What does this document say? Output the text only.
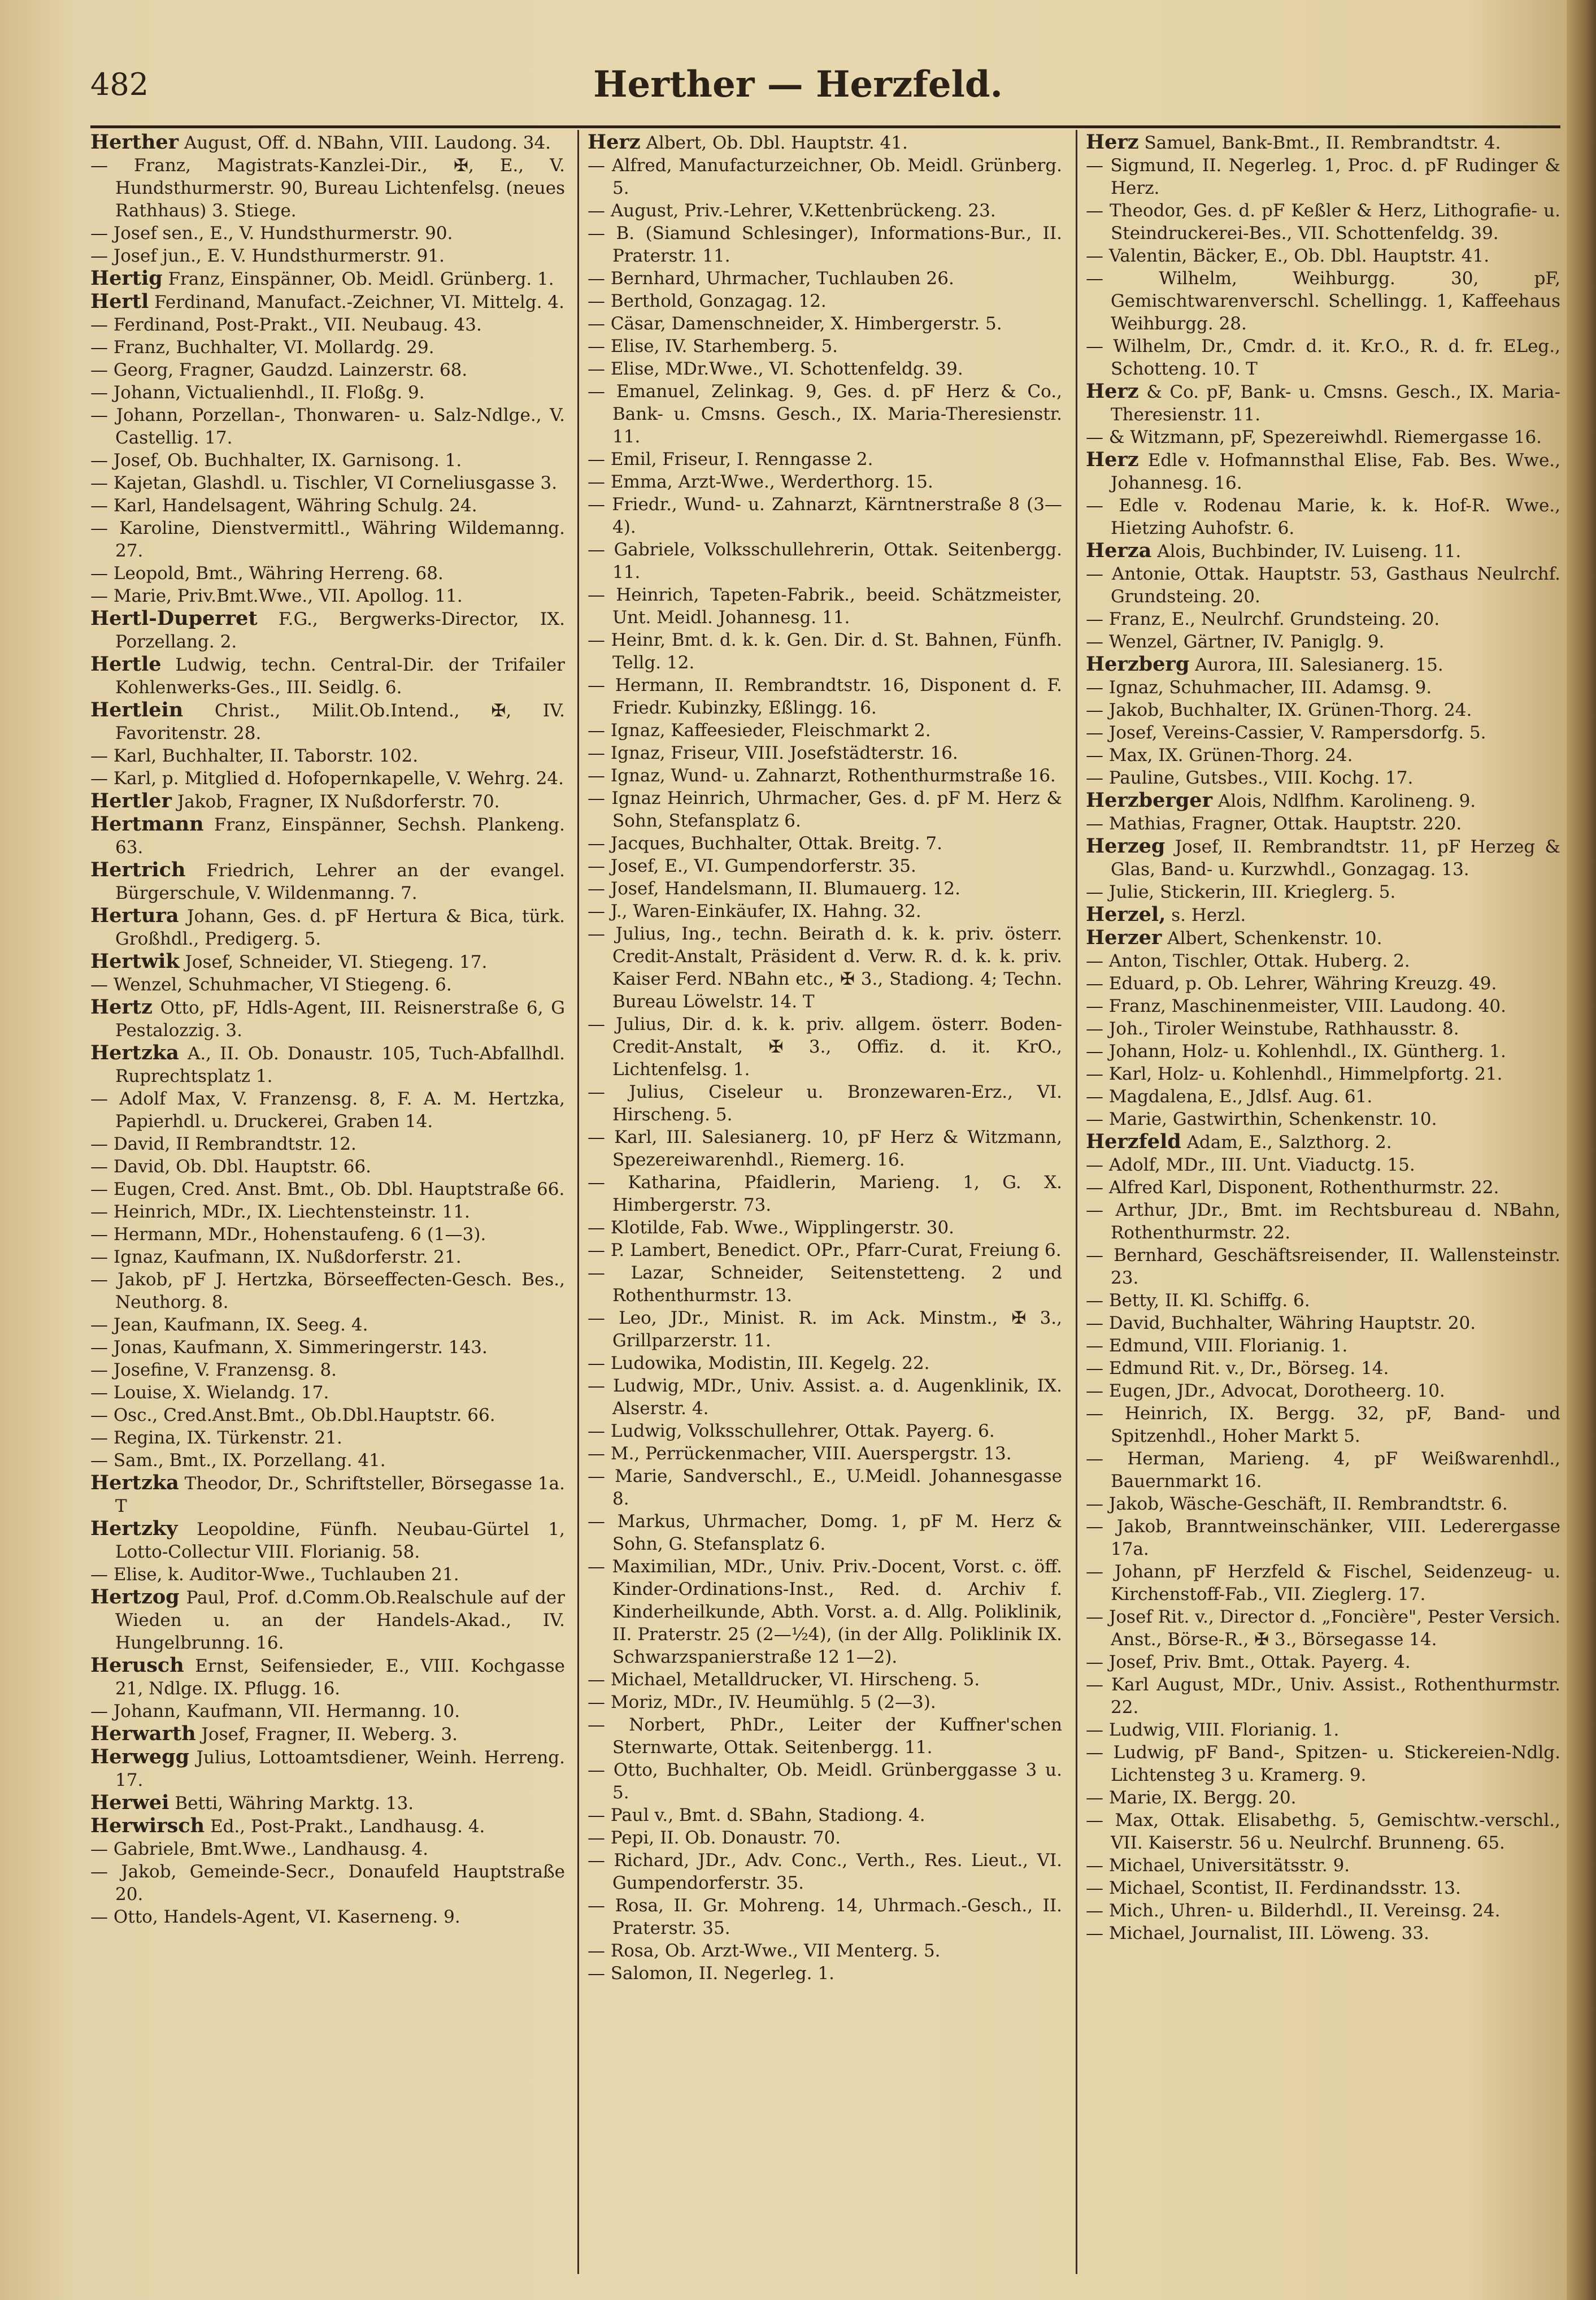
482	Herther — Herzfeld.

Herther August, Off. d. NBahn, VIII. Laudong. 34.

— Franz, Magistrats-Kanzlei-Dir., ✠, E., V. Hundsthurmerstr. 90, Bureau Lichtenfelsg. (neues Rathhaus) 3. Stiege.

— Josef sen., E., V. Hundsthurmerstr. 90.

— Josef jun., E. V. Hundsthurmerstr. 91.

Hertig Franz, Einspänner, Ob. Meidl. Grünberg. 1.

Hertl Ferdinand, Manufact.-Zeichner, VI. Mittelg. 4.

— Ferdinand, Post-Prakt., VII. Neubaug. 43.

— Franz, Buchhalter, VI. Mollardg. 29.

— Georg, Fragner, Gaudzd. Lainzerstr. 68.

— Johann, Victualienhdl., II. Floßg. 9.

— Johann, Porzellan-, Thonwaren- u. Salz-Ndlge., V. Castellig. 17.

— Josef, Ob. Buchhalter, IX. Garnisong. 1.

— Kajetan, Glashdl. u. Tischler, VI Corneliusgasse 3.

— Karl, Handelsagent, Währing Schulg. 24.

— Karoline, Dienstvermittl., Währing Wildemanng. 27.

— Leopold, Bmt., Währing Herreng. 68.

— Marie, Priv.Bmt.Wwe., VII. Apollog. 11.

Hertl-Duperret F.G., Bergwerks-Director, IX. Porzellang. 2.

Hertle Ludwig, techn. Central-Dir. der Trifailer Kohlenwerks-Ges., III. Seidlg. 6.

Hertlein Christ., Milit.Ob.Intend., ✠, IV. Favoritenstr. 28.

— Karl, Buchhalter, II. Taborstr. 102.

— Karl, p. Mitglied d. Hofopernkapelle, V. Wehrg. 24.

Hertler Jakob, Fragner, IX Nußdorferstr. 70.

Hertmann Franz, Einspänner, Sechsh. Plankeng. 63.

Hertrich Friedrich, Lehrer an der evangel. Bürgerschule, V. Wildenmanng. 7.

Hertura Johann, Ges. d. pF Hertura & Bica, türk. Großhdl., Predigerg. 5.

Hertwik Josef, Schneider, VI. Stiegeng. 17.

— Wenzel, Schuhmacher, VI Stiegeng. 6.

Hertz Otto, pF, Hdls-Agent, III. Reisnerstraße 6, G Pestalozzig. 3.

Hertzka A., II. Ob. Donaustr. 105, Tuch-Abfallhdl. Ruprechtsplatz 1.

— Adolf Max, V. Franzensg. 8, F. A. M. Hertzka, Papierhdl. u. Druckerei, Graben 14.

— David, II Rembrandtstr. 12.

— David, Ob. Dbl. Hauptstr. 66.

— Eugen, Cred. Anst. Bmt., Ob. Dbl. Hauptstraße 66.

— Heinrich, MDr., IX. Liechtensteinstr. 11.

— Hermann, MDr., Hohenstaufeng. 6 (1—3).

— Ignaz, Kaufmann, IX. Nußdorferstr. 21.

— Jakob, pF J. Hertzka, Börseeffecten-Gesch. Bes., Neuthorg. 8.

— Jean, Kaufmann, IX. Seeg. 4.

— Jonas, Kaufmann, X. Simmeringerstr. 143.

— Josefine, V. Franzensg. 8.

— Louise, X. Wielandg. 17.

— Osc., Cred.Anst.Bmt., Ob.Dbl.Hauptstr. 66.

— Regina, IX. Türkenstr. 21.

— Sam., Bmt., IX. Porzellang. 41.

Hertzka Theodor, Dr., Schriftsteller, Börsegasse 1a. T

Hertzky Leopoldine, Fünfh. Neubau-Gürtel 1, Lotto-Collectur VIII. Florianig. 58.

— Elise, k. Auditor-Wwe., Tuchlauben 21.

Hertzog Paul, Prof. d.Comm.Ob.Realschule auf der Wieden u. an der Handels-Akad., IV. Hungelbrunng. 16.

Herusch Ernst, Seifensieder, E., VIII. Kochgasse 21, Ndlge. IX. Pflugg. 16.

— Johann, Kaufmann, VII. Hermanng. 10.

Herwarth Josef, Fragner, II. Weberg. 3.

Herwegg Julius, Lottoamtsdiener, Weinh. Herreng. 17.

Herwei Betti, Währing Marktg. 13.

Herwirsch Ed., Post-Prakt., Landhausg. 4.

— Gabriele, Bmt.Wwe., Landhausg. 4.

— Jakob, Gemeinde-Secr., Donaufeld Hauptstraße 20.

— Otto, Handels-Agent, VI. Kaserneng. 9.

Herz Albert, Ob. Dbl. Hauptstr. 41.

— Alfred, Manufacturzeichner, Ob. Meidl. Grünberg. 5.

— August, Priv.-Lehrer, V.Kettenbrückeng. 23.

— B. (Siamund Schlesinger), Informations-Bur., II. Praterstr. 11.

— Bernhard, Uhrmacher, Tuchlauben 26.

— Berthold, Gonzagag. 12.

— Cäsar, Damenschneider, X. Himbergerstr. 5.

— Elise, IV. Starhemberg. 5.

— Elise, MDr.Wwe., VI. Schottenfeldg. 39.

— Emanuel, Zelinkag. 9, Ges. d. pF Herz & Co., Bank- u. Cmsns. Gesch., IX. Maria-Theresienstr. 11.

— Emil, Friseur, I. Renngasse 2.

— Emma, Arzt-Wwe., Werderthorg. 15.

— Friedr., Wund- u. Zahnarzt, Kärntnerstraße 8 (3—4).

— Gabriele, Volksschullehrerin, Ottak. Seitenbergg. 11.

— Heinrich, Tapeten-Fabrik., beeid. Schätzmeister, Unt. Meidl. Johannesg. 11.

— Heinr, Bmt. d. k. k. Gen. Dir. d. St. Bahnen, Fünfh. Tellg. 12.

— Hermann, II. Rembrandtstr. 16, Disponent d. F. Friedr. Kubinzky, Eßlingg. 16.

— Ignaz, Kaffeesieder, Fleischmarkt 2.

— Ignaz, Friseur, VIII. Josefstädterstr. 16.

— Ignaz, Wund- u. Zahnarzt, Rothenthurmstraße 16.

— Ignaz Heinrich, Uhrmacher, Ges. d. pF M. Herz & Sohn, Stefansplatz 6.

— Jacques, Buchhalter, Ottak. Breitg. 7.

— Josef, E., VI. Gumpendorferstr. 35.

— Josef, Handelsmann, II. Blumauerg. 12.

— J., Waren-Einkäufer, IX. Hahng. 32.

— Julius, Ing., techn. Beirath d. k. k. priv. österr. Credit-Anstalt, Präsident d. Verw. R. d. k. k. priv. Kaiser Ferd. NBahn etc., ✠ 3., Stadiong. 4; Techn. Bureau Löwelstr. 14. T

— Julius, Dir. d. k. k. priv. allgem. österr. Boden-Credit-Anstalt, ✠ 3., Offiz. d. it. KrO., Lichtenfelsg. 1.

— Julius, Ciseleur u. Bronzewaren-Erz., VI. Hirscheng. 5.

— Karl, III. Salesianerg. 10, pF Herz & Witzmann, Spezereiwarenhdl., Riemerg. 16.

— Katharina, Pfaidlerin, Marieng. 1, G. X. Himbergerstr. 73.

— Klotilde, Fab. Wwe., Wipplingerstr. 30.

— P. Lambert, Benedict. OPr., Pfarr-Curat, Freiung 6.

— Lazar, Schneider, Seitenstetteng. 2 und Rothenthurmstr. 13.

— Leo, JDr., Minist. R. im Ack. Minstm., ✠ 3., Grillparzerstr. 11.

— Ludowika, Modistin, III. Kegelg. 22.

— Ludwig, MDr., Univ. Assist. a. d. Augenklinik, IX. Alserstr. 4.

— Ludwig, Volksschullehrer, Ottak. Payerg. 6.

— M., Perrückenmacher, VIII. Auerspergstr. 13.

— Marie, Sandverschl., E., U.Meidl. Johannesgasse 8.

— Markus, Uhrmacher, Domg. 1, pF M. Herz & Sohn, G. Stefansplatz 6.

— Maximilian, MDr., Univ. Priv.-Docent, Vorst. c. öff. Kinder-Ordinations-Inst., Red. d. Archiv f. Kinderheilkunde, Abth. Vorst. a. d. Allg. Poliklinik, II. Praterstr. 25 (2—½4), (in der Allg. Poliklinik IX. Schwarzspanierstraße 12 1—2).

— Michael, Metalldrucker, VI. Hirscheng. 5.

— Moriz, MDr., IV. Heumühlg. 5 (2—3).

— Norbert, PhDr., Leiter der Kuffner'schen Sternwarte, Ottak. Seitenbergg. 11.

— Otto, Buchhalter, Ob. Meidl. Grünberggasse 3 u. 5.

— Paul v., Bmt. d. SBahn, Stadiong. 4.

— Pepi, II. Ob. Donaustr. 70.

— Richard, JDr., Adv. Conc., Verth., Res. Lieut., VI. Gumpendorferstr. 35.

— Rosa, II. Gr. Mohreng. 14, Uhrmach.-Gesch., II. Praterstr. 35.

— Rosa, Ob. Arzt-Wwe., VII Menterg. 5.

— Salomon, II. Negerleg. 1.

Herz Samuel, Bank-Bmt., II. Rembrandtstr. 4.

— Sigmund, II. Negerleg. 1, Proc. d. pF Rudinger & Herz.

— Theodor, Ges. d. pF Keßler & Herz, Lithografie- u. Steindruckerei-Bes., VII. Schottenfeldg. 39.

— Valentin, Bäcker, E., Ob. Dbl. Hauptstr. 41.

— Wilhelm, Weihburgg. 30, pF, Gemischtwarenverschl. Schellingg. 1, Kaffeehaus Weihburgg. 28.

— Wilhelm, Dr., Cmdr. d. it. Kr.O., R. d. fr. ELeg., Schotteng. 10. T

Herz & Co. pF, Bank- u. Cmsns. Gesch., IX. Maria-Theresienstr. 11.

— & Witzmann, pF, Spezereiwhdl. Riemergasse 16.

Herz Edle v. Hofmannsthal Elise, Fab. Bes. Wwe., Johannesg. 16.

— Edle v. Rodenau Marie, k. k. Hof-R. Wwe., Hietzing Auhofstr. 6.

Herza Alois, Buchbinder, IV. Luiseng. 11.

— Antonie, Ottak. Hauptstr. 53, Gasthaus Neulrchf. Grundsteing. 20.

— Franz, E., Neulrchf. Grundsteing. 20.

— Wenzel, Gärtner, IV. Paniglg. 9.

Herzberg Aurora, III. Salesianerg. 15.

— Ignaz, Schuhmacher, III. Adamsg. 9.

— Jakob, Buchhalter, IX. Grünen-Thorg. 24.

— Josef, Vereins-Cassier, V. Rampersdorfg. 5.

— Max, IX. Grünen-Thorg. 24.

— Pauline, Gutsbes., VIII. Kochg. 17.

Herzberger Alois, Ndlfhm. Karolineng. 9.

— Mathias, Fragner, Ottak. Hauptstr. 220.

Herzeg Josef, II. Rembrandtstr. 11, pF Herzeg & Glas, Band- u. Kurzwhdl., Gonzagag. 13.

— Julie, Stickerin, III. Krieglerg. 5.

Herzel, s. Herzl.

Herzer Albert, Schenkenstr. 10.

— Anton, Tischler, Ottak. Huberg. 2.

— Eduard, p. Ob. Lehrer, Währing Kreuzg. 49.

— Franz, Maschinenmeister, VIII. Laudong. 40.

— Joh., Tiroler Weinstube, Rathhausstr. 8.

— Johann, Holz- u. Kohlenhdl., IX. Güntherg. 1.

— Karl, Holz- u. Kohlenhdl., Himmelpfortg. 21.

— Magdalena, E., Jdlsf. Aug. 61.

— Marie, Gastwirthin, Schenkenstr. 10.

Herzfeld Adam, E., Salzthorg. 2.

— Adolf, MDr., III. Unt. Viaductg. 15.

— Alfred Karl, Disponent, Rothenthurmstr. 22.

— Arthur, JDr., Bmt. im Rechtsbureau d. NBahn, Rothenthurmstr. 22.

— Bernhard, Geschäftsreisender, II. Wallensteinstr. 23.

— Betty, II. Kl. Schiffg. 6.

— David, Buchhalter, Währing Hauptstr. 20.

— Edmund, VIII. Florianig. 1.

— Edmund Rit. v., Dr., Börseg. 14.

— Eugen, JDr., Advocat, Dorotheerg. 10.

— Heinrich, IX. Bergg. 32, pF, Band- und Spitzenhdl., Hoher Markt 5.

— Herman, Marieng. 4, pF Weißwarenhdl., Bauernmarkt 16.

— Jakob, Wäsche-Geschäft, II. Rembrandtstr. 6.

— Jakob, Branntweinschänker, VIII. Lederergasse 17a.

— Johann, pF Herzfeld & Fischel, Seidenzeug- u. Kirchenstoff-Fab., VII. Zieglerg. 17.

— Josef Rit. v., Director d. „Foncière", Pester Versich. Anst., Börse-R., ✠ 3., Börsegasse 14.

— Josef, Priv. Bmt., Ottak. Payerg. 4.

— Karl August, MDr., Univ. Assist., Rothenthurmstr. 22.

— Ludwig, VIII. Florianig. 1.

— Ludwig, pF Band-, Spitzen- u. Stickereien-Ndlg. Lichtensteg 3 u. Kramerg. 9.

— Marie, IX. Bergg. 20.

— Max, Ottak. Elisabethg. 5, Gemischtw.-verschl., VII. Kaiserstr. 56 u. Neulrchf. Brunneng. 65.

— Michael, Universitätsstr. 9.

— Michael, Scontist, II. Ferdinandsstr. 13.

— Mich., Uhren- u. Bilderhdl., II. Vereinsg. 24.

— Michael, Journalist, III. Löweng. 33.
